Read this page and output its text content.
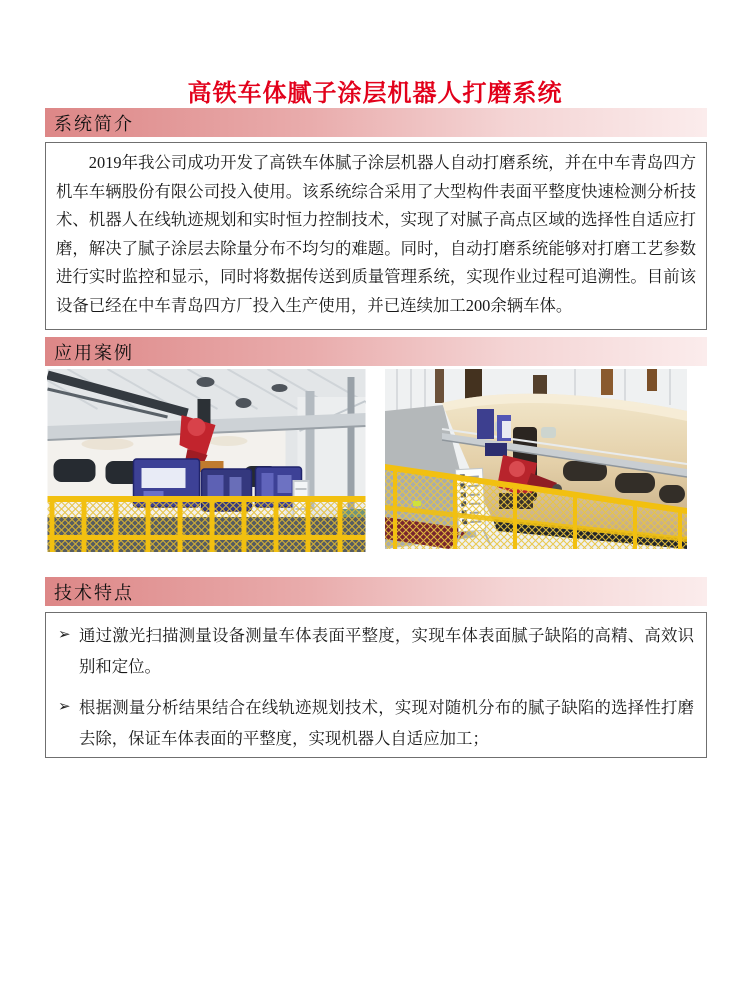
高铁车体腻子涂层机器人打磨系统
系统简介

2019年我公司成功开发了高铁车体腻子涂层机器人自动打磨系统，并在中车青岛四方机车车辆股份有限公司投入使用。该系统综合采用了大型构件表面平整度快速检测分析技术、机器人在线轨迹规划和实时恒力控制技术，实现了对腻子高点区域的选择性自适应打磨，解决了腻子涂层去除量分布不均匀的难题。同时，自动打磨系统能够对打磨工艺参数进行实时监控和显示，同时将数据传送到质量管理系统，实现作业过程可追溯性。目前该设备已经在中车青岛四方厂投入生产使用，并已连续加工200余辆车体。

应用案例
技术特点
➢ 通过激光扫描测量设备测量车体表面平整度，实现车体表面腻子缺陷的高精、高效识别和定位。
➢ 根据测量分析结果结合在线轨迹规划技术，实现对随机分布的腻子缺陷的选择性打磨去除，保证车体表面的平整度，实现机器人自适应加工；
